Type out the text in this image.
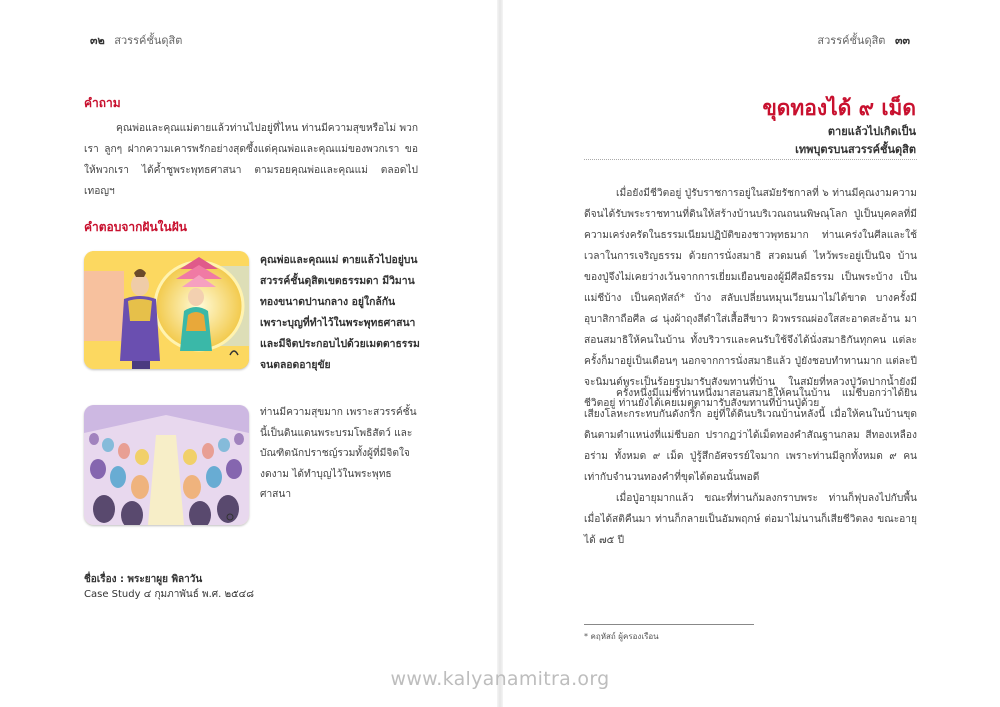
๓๒ สวรรค์ชั้นดุสิต
คำถาม

คุณพ่อและคุณแม่ตายแล้วท่านไปอยู่ที่ไหน ท่านมีความสุขหรือไม่ พวกเรา ลูกๆ ฝากความเคารพรักอย่างสุดซึ้งแด่คุณพ่อและคุณแม่ของพวกเรา ขอให้พวกเรา ได้ค้ำชูพระพุทธศาสนา ตามรอยคุณพ่อและคุณแม่ ตลอดไปเทอญฯ

คำตอบจากฝันในฝัน
คุณพ่อและคุณแม่ ตายแล้วไปอยู่บนสวรรค์ชั้นดุสิตเขตธรรมดา มีวิมานทองขนาดปานกลาง อยู่ใกล้กันเพราะบุญที่ทำไว้ในพระพุทธศาสนา และมีจิตประกอบไปด้วยเมตตาธรรมจนตลอดอายุขัย
ท่านมีความสุขมาก เพราะสวรรค์ชั้นนี้เป็นดินแดนพระบรมโพธิสัตว์ และบัณฑิตนักปราชญ์รวมทั้งผู้ที่มีจิตใจงดงาม ได้ทำบุญไว้ในพระพุทธศาสนา
ชื่อเรื่อง : พระยาผูย พิลาวัน
Case Study ๔ กุมภาพันธ์ พ.ศ. ๒๕๔๘
สวรรค์ชั้นดุสิต ๓๓
ขุดทองได้ ๙ เม็ด
ตายแล้วไปเกิดเป็น
เทพบุตรบนสวรรค์ชั้นดุสิต

เมื่อยังมีชีวิตอยู่ ปู่รับราชการอยู่ในสมัยรัชกาลที่ ๖ ท่านมีคุณงามความดีจนได้รับพระราชทานที่ดินให้สร้างบ้านบริเวณถนนพิษณุโลก ปู่เป็นบุคคลที่มีความเคร่งครัดในธรรมเนียมปฏิบัติของชาวพุทธมาก ท่านเคร่งในศีลและใช้เวลาในการเจริญธรรม ด้วยการนั่งสมาธิ สวดมนต์ ไหว้พระอยู่เป็นนิจ บ้านของปู่จึงไม่เคยว่างเว้นจากการเยี่ยมเยือนของผู้มีศีลมีธรรม เป็นพระบ้าง เป็นแม่ชีบ้าง เป็นคฤหัสถ์* บ้าง สลับเปลี่ยนหมุนเวียนมาไม่ได้ขาด บางครั้งมีอุบาสิกาถือศีล ๘ นุ่งผ้าถุงสีดำใส่เสื้อสีขาว ผิวพรรณผ่องใสสะอาดสะอ้าน มาสอนสมาธิให้คนในบ้าน ทั้งบริวารและคนรับใช้จึงได้นั่งสมาธิกันทุกคน แต่ละครั้งก็มาอยู่เป็นเดือนๆ นอกจากการนั่งสมาธิแล้ว ปู่ยังชอบทำทานมาก แต่ละปีจะนิมนต์พระเป็นร้อยรูปมารับสังฆทานที่บ้าน ในสมัยที่หลวงปู่วัดปากน้ำยังมีชีวิตอยู่ ท่านยังได้เคยเมตตามารับสังฆทานที่บ้านปู่ด้วย

ครั้งหนึ่งมีแม่ชีท่านหนึ่งมาสอนสมาธิให้คนในบ้าน แม่ชีบอกว่าได้ยินเสียงโลหะกระทบกันดังกริ๊ก อยู่ที่ใต้ดินบริเวณบ้านหลังนี้ เมื่อให้คนในบ้านขุดดินตามตำแหน่งที่แม่ชีบอก ปรากฏว่าได้เม็ดทองคำสัณฐานกลม สีทองเหลืองอร่าม ทั้งหมด ๙ เม็ด ปู่รู้สึกอัศจรรย์ใจมาก เพราะท่านมีลูกทั้งหมด ๙ คน เท่ากับจำนวนทองคำที่ขุดได้ตอนนั้นพอดี

เมื่อปู่อายุมากแล้ว ขณะที่ท่านก้มลงกราบพระ ท่านก็ฟุบลงไปกับพื้น เมื่อได้สติคืนมา ท่านก็กลายเป็นอัมพฤกษ์ ต่อมาไม่นานก็เสียชีวิตลง ขณะอายุได้ ๗๕ ปี

* คฤหัสถ์ ผู้ครองเรือน
www.kalyanamitra.org
